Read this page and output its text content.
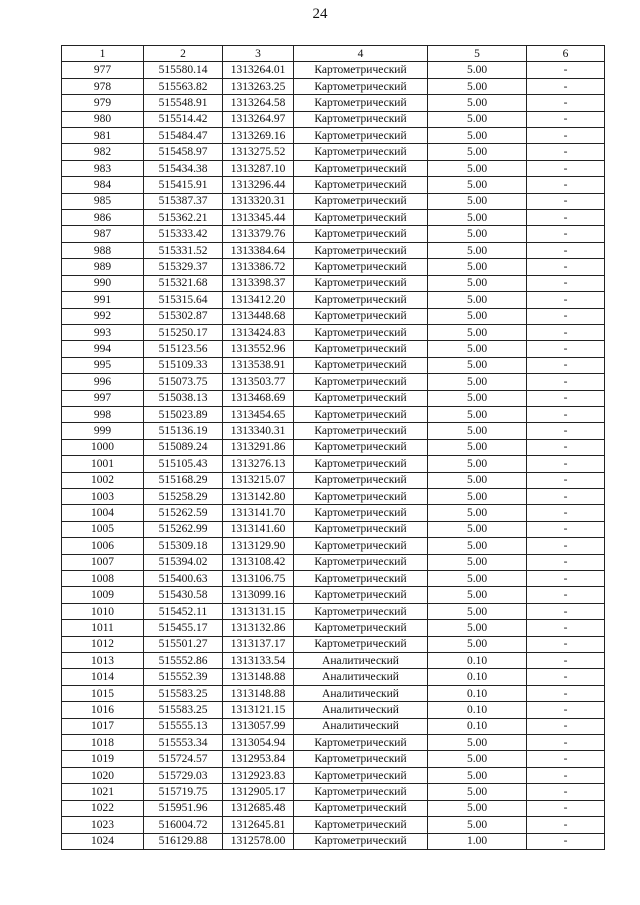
24
1	2	3	4	5	6
977	515580.14	1313264.01	Картометрический	5.00	-
978	515563.82	1313263.25	Картометрический	5.00	-
979	515548.91	1313264.58	Картометрический	5.00	-
980	515514.42	1313264.97	Картометрический	5.00	-
981	515484.47	1313269.16	Картометрический	5.00	-
982	515458.97	1313275.52	Картометрический	5.00	-
983	515434.38	1313287.10	Картометрический	5.00	-
984	515415.91	1313296.44	Картометрический	5.00	-
985	515387.37	1313320.31	Картометрический	5.00	-
986	515362.21	1313345.44	Картометрический	5.00	-
987	515333.42	1313379.76	Картометрический	5.00	-
988	515331.52	1313384.64	Картометрический	5.00	-
989	515329.37	1313386.72	Картометрический	5.00	-
990	515321.68	1313398.37	Картометрический	5.00	-
991	515315.64	1313412.20	Картометрический	5.00	-
992	515302.87	1313448.68	Картометрический	5.00	-
993	515250.17	1313424.83	Картометрический	5.00	-
994	515123.56	1313552.96	Картометрический	5.00	-
995	515109.33	1313538.91	Картометрический	5.00	-
996	515073.75	1313503.77	Картометрический	5.00	-
997	515038.13	1313468.69	Картометрический	5.00	-
998	515023.89	1313454.65	Картометрический	5.00	-
999	515136.19	1313340.31	Картометрический	5.00	-
1000	515089.24	1313291.86	Картометрический	5.00	-
1001	515105.43	1313276.13	Картометрический	5.00	-
1002	515168.29	1313215.07	Картометрический	5.00	-
1003	515258.29	1313142.80	Картометрический	5.00	-
1004	515262.59	1313141.70	Картометрический	5.00	-
1005	515262.99	1313141.60	Картометрический	5.00	-
1006	515309.18	1313129.90	Картометрический	5.00	-
1007	515394.02	1313108.42	Картометрический	5.00	-
1008	515400.63	1313106.75	Картометрический	5.00	-
1009	515430.58	1313099.16	Картометрический	5.00	-
1010	515452.11	1313131.15	Картометрический	5.00	-
1011	515455.17	1313132.86	Картометрический	5.00	-
1012	515501.27	1313137.17	Картометрический	5.00	-
1013	515552.86	1313133.54	Аналитический	0.10	-
1014	515552.39	1313148.88	Аналитический	0.10	-
1015	515583.25	1313148.88	Аналитический	0.10	-
1016	515583.25	1313121.15	Аналитический	0.10	-
1017	515555.13	1313057.99	Аналитический	0.10	-
1018	515553.34	1313054.94	Картометрический	5.00	-
1019	515724.57	1312953.84	Картометрический	5.00	-
1020	515729.03	1312923.83	Картометрический	5.00	-
1021	515719.75	1312905.17	Картометрический	5.00	-
1022	515951.96	1312685.48	Картометрический	5.00	-
1023	516004.72	1312645.81	Картометрический	5.00	-
1024	516129.88	1312578.00	Картометрический	1.00	-
